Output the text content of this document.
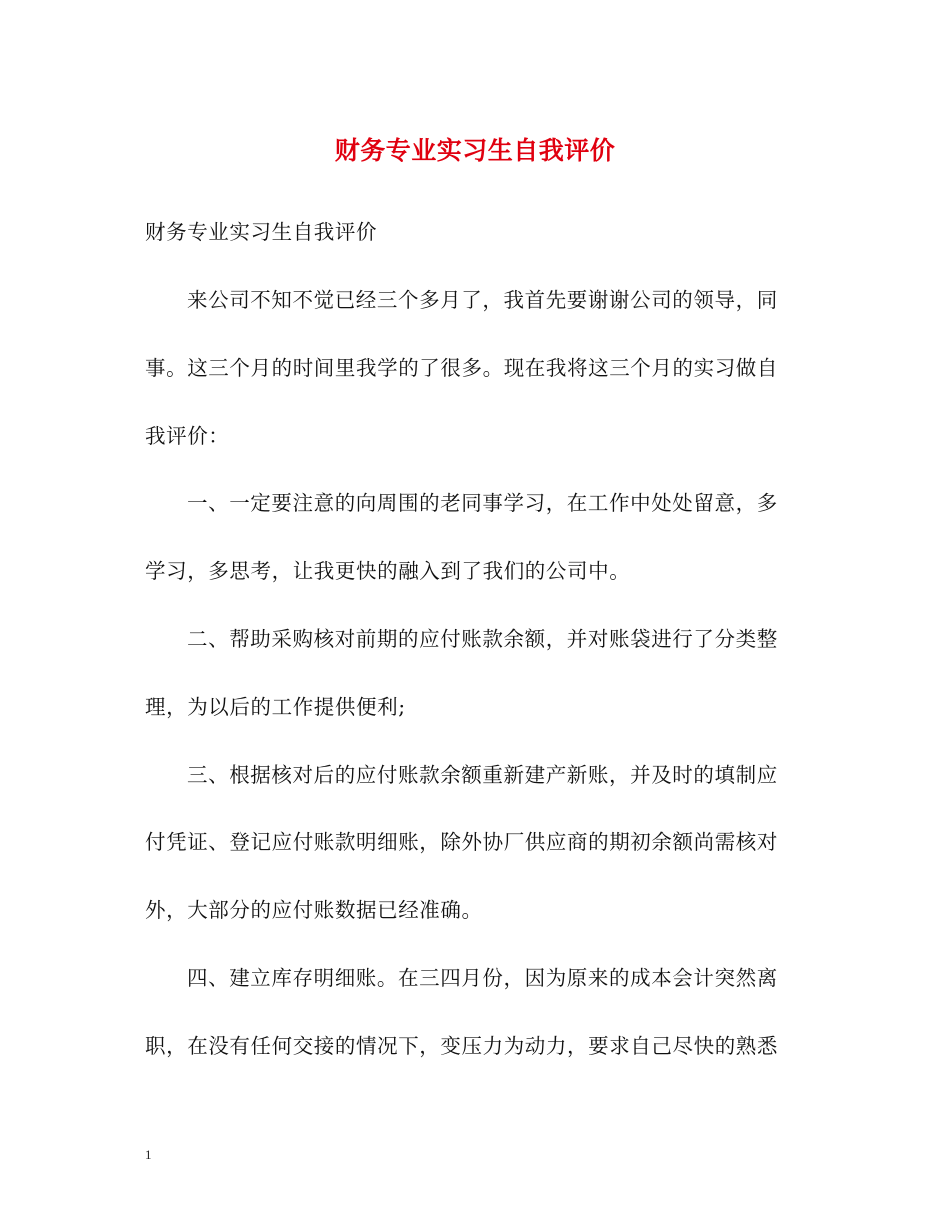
财务专业实习生自我评价
财务专业实习生自我评价
来公司不知不觉已经三个多月了，我首先要谢谢公司的领导，同
事。这三个月的时间里我学的了很多。现在我将这三个月的实习做自
我评价：
一、一定要注意的向周围的老同事学习，在工作中处处留意，多
学习，多思考，让我更快的融入到了我们的公司中。
二、帮助采购核对前期的应付账款余额，并对账袋进行了分类整
理，为以后的工作提供便利;
三、根据核对后的应付账款余额重新建产新账，并及时的填制应
付凭证、登记应付账款明细账，除外协厂供应商的期初余额尚需核对
外，大部分的应付账数据已经准确。
四、建立库存明细账。在三四月份，因为原来的成本会计突然离
职，在没有任何交接的情况下，变压力为动力，要求自己尽快的熟悉
1
